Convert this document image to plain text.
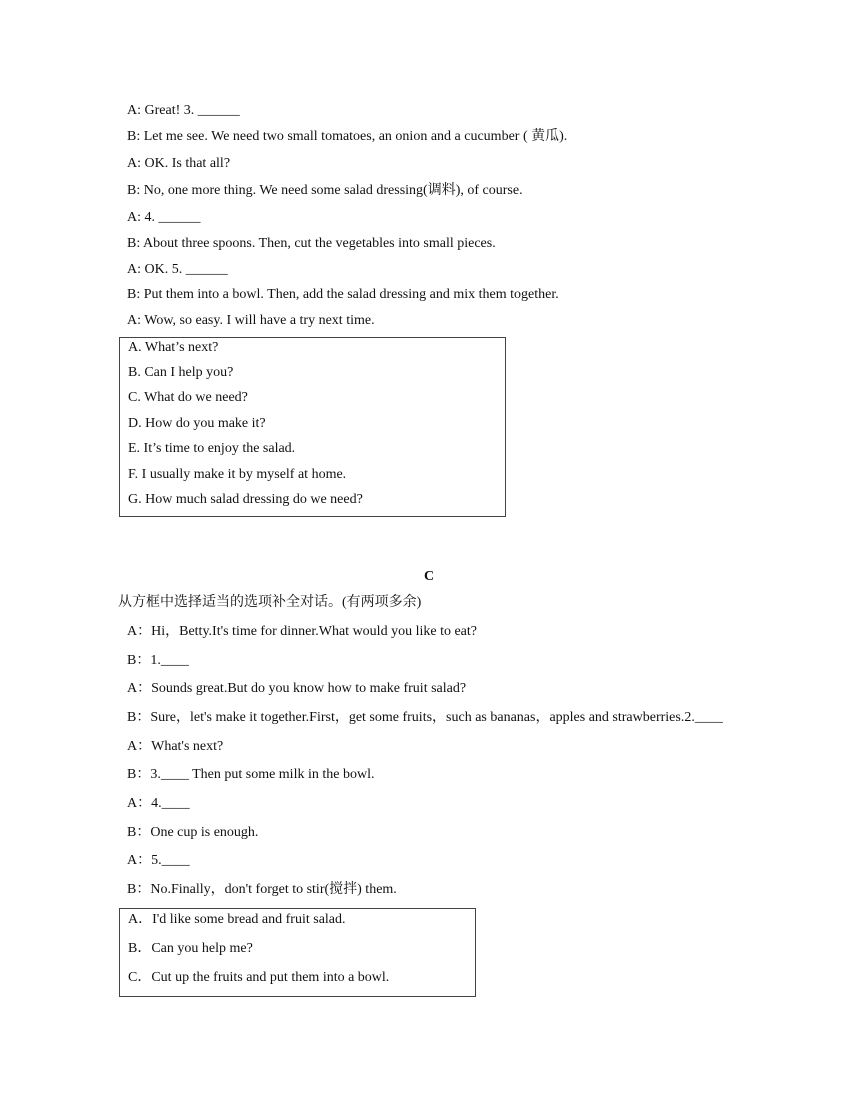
A: Great! 3. ______
B: Let me see. We need two small tomatoes, an onion and a cucumber ( 黄瓜).
A: OK. Is that all?
B: No, one more thing. We need some salad dressing(调料), of course.
A: 4. ______
B: About three spoons. Then, cut the vegetables into small pieces.
A: OK. 5. ______
B: Put them into a bowl. Then, add the salad dressing and mix them together.
A: Wow, so easy. I will have a try next time.
A. What’s next?
B. Can I help you?
C. What do we need?
D. How do you make it?
E. It’s time to enjoy the salad.
F. I usually make it by myself at home.
G. How much salad dressing do we need?
C
从方框中选择适当的选项补全对话。(有两项多余)
A：Hi，Betty.It's time for dinner.What would you like to eat?
B：1.____
A：Sounds great.But do you know how to make fruit salad?
B：Sure，let's make it together.First，get some fruits，such as bananas，apples and strawberries.2.____
A：What's next?
B：3.____ Then put some milk in the bowl.
A：4.____
B：One cup is enough.
A：5.____
B：No.Finally，don't forget to stir(搅拌) them.
A．I'd like some bread and fruit salad.
B．Can you help me?
C．Cut up the fruits and put them into a bowl.
